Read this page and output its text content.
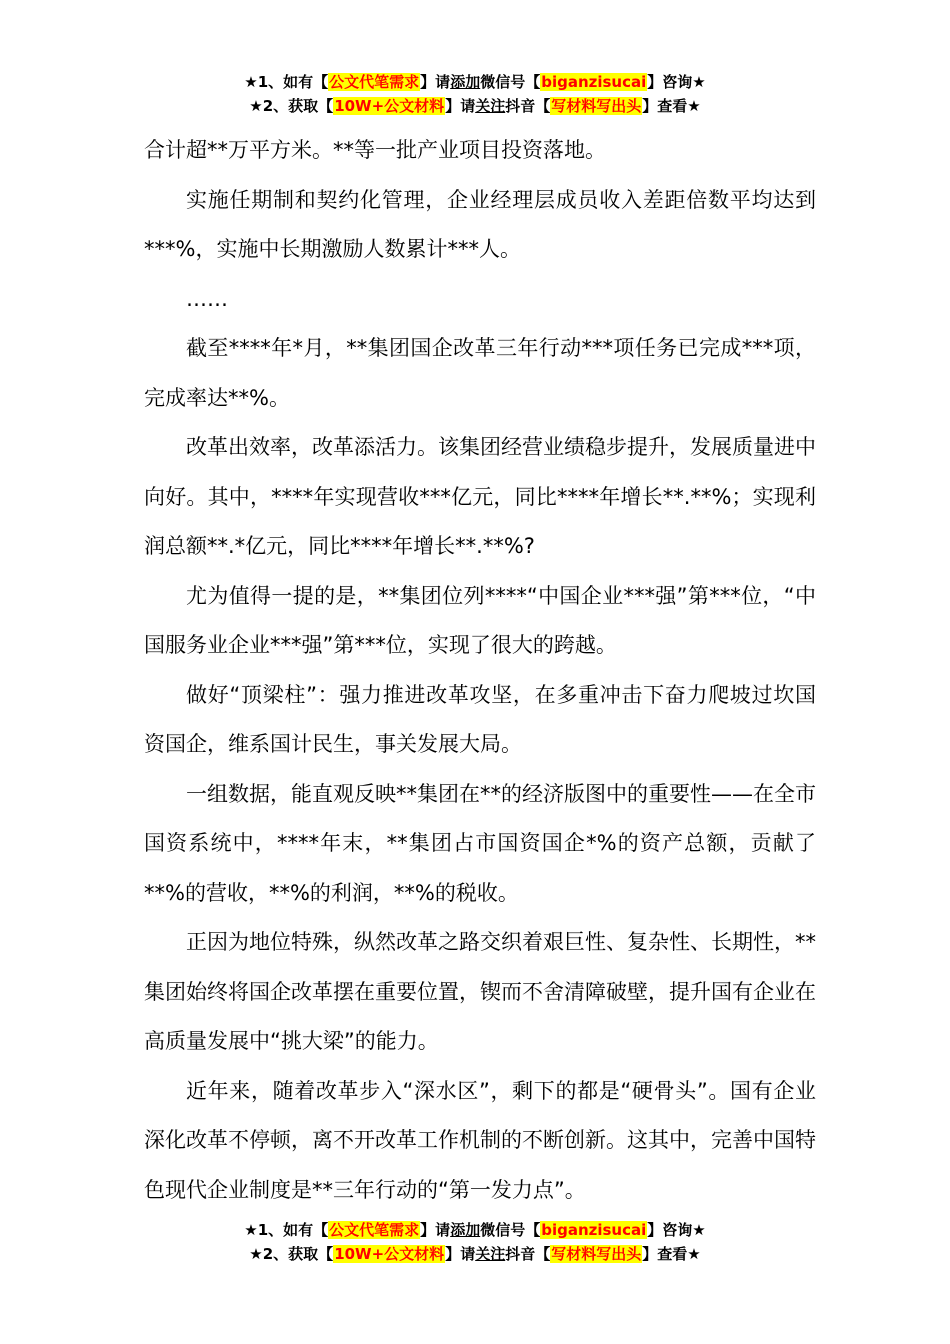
★1、如有【公文代笔需求】请添加微信号【biganzisucai】咨询★
★2、获取【10W+公文材料】请关注抖音【写材料写出头】查看★

合计超**万平方米。**等一批产业项目投资落地。

实施任期制和契约化管理，企业经理层成员收入差距倍数平均达到***%，实施中长期激励人数累计***人。

……

截至****年*月，**集团国企改革三年行动***项任务已完成***项，完成率达**%。

改革出效率，改革添活力。该集团经营业绩稳步提升，发展质量进中向好。其中，****年实现营收***亿元，同比****年增长**.**%；实现利润总额**.*亿元，同比****年增长**.**%?

尤为值得一提的是，**集团位列****“中国企业***强”第***位，“中国服务业企业***强”第***位，实现了很大的跨越。

做好“顶梁柱”：强力推进改革攻坚，在多重冲击下奋力爬坡过坎国资国企，维系国计民生，事关发展大局。

一组数据，能直观反映**集团在**的经济版图中的重要性——在全市国资系统中，****年末，**集团占市国资国企*%的资产总额，贡献了**%的营收，**%的利润，**%的税收。

正因为地位特殊，纵然改革之路交织着艰巨性、复杂性、长期性，**集团始终将国企改革摆在重要位置，锲而不舍清障破壁，提升国有企业在高质量发展中“挑大梁”的能力。

近年来，随着改革步入“深水区”，剩下的都是“硬骨头”。国有企业深化改革不停顿，离不开改革工作机制的不断创新。这其中，完善中国特色现代企业制度是**三年行动的“第一发力点”。

★1、如有【公文代笔需求】请添加微信号【biganzisucai】咨询★
★2、获取【10W+公文材料】请关注抖音【写材料写出头】查看★
